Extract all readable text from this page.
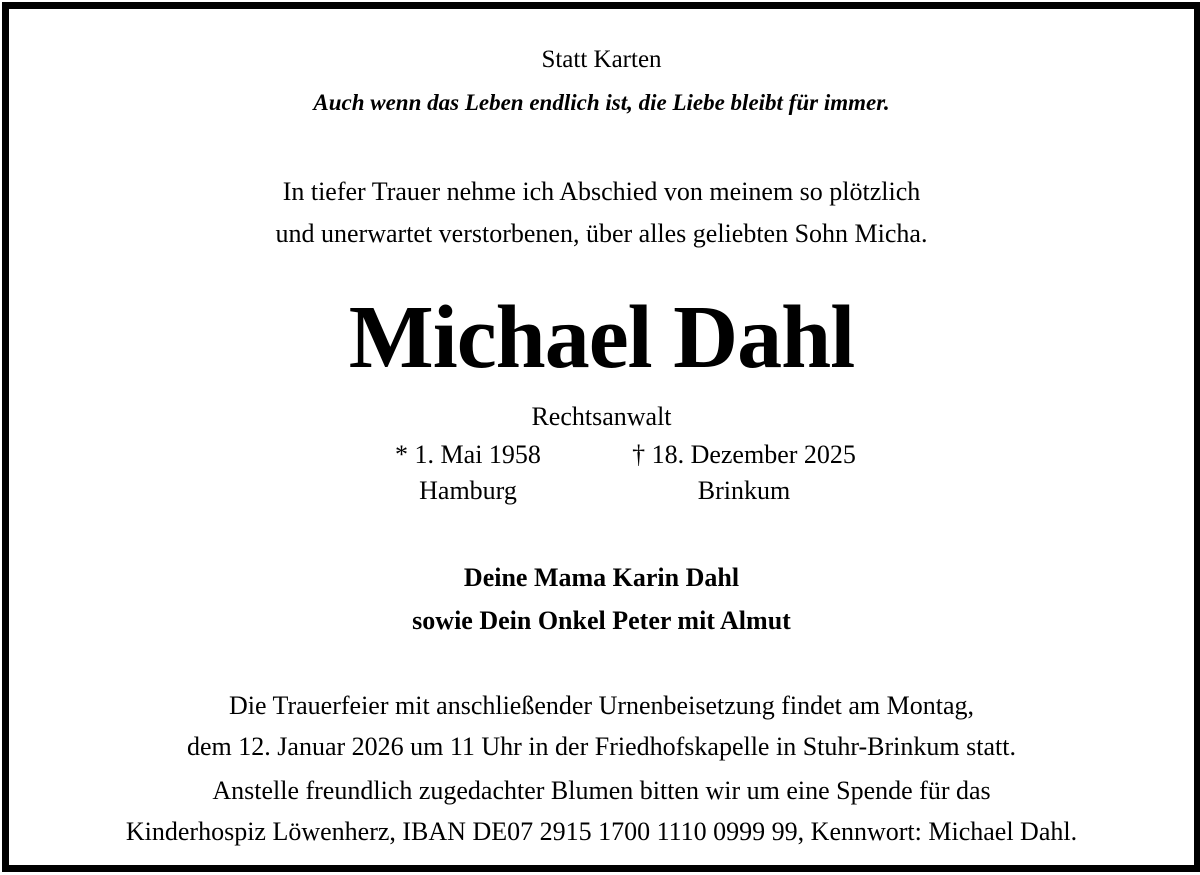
Statt Karten
Auch wenn das Leben endlich ist, die Liebe bleibt für immer.
In tiefer Trauer nehme ich Abschied von meinem so plötzlich
und unerwartet verstorbenen, über alles geliebten Sohn Micha.
Michael Dahl
Rechtsanwalt
* 1. Mai 1958
Hamburg
† 18. Dezember 2025
Brinkum
Deine Mama Karin Dahl
sowie Dein Onkel Peter mit Almut
Die Trauerfeier mit anschließender Urnenbeisetzung findet am Montag,
dem 12. Januar 2026 um 11 Uhr in der Friedhofskapelle in Stuhr-Brinkum statt.
Anstelle freundlich zugedachter Blumen bitten wir um eine Spende für das
Kinderhospiz Löwenherz, IBAN DE07 2915 1700 1110 0999 99, Kennwort: Michael Dahl.
